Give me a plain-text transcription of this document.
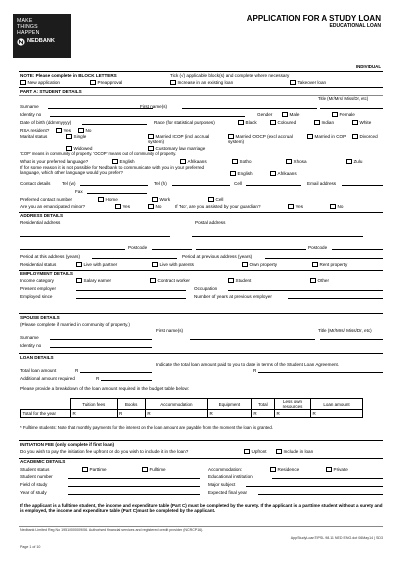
MAKE
THINGS
HAPPEN
NEDBANK
APPLICATION FOR A STUDY LOAN
EDUCATIONAL LOAN
INDIVIDUAL
NOTE: Please complete in BLOCK LETTERS	Tick (√) applicable block(s) and complete where necessary
New application	Preapproval	Increase in an existing loan	Takeover loan
PART A: STUDENT DETAILS
Title (Mr/Mrs/ Miss/Dr, etc)
Surname	First name(s)
Identity no	Gender	Male	Female
Date of birth (ddmmyyyy)	Race (for statistical purposes)	Black	Coloured	Indian	White
RSA resident?	Yes	No
Marital status	Single	Married ICOP (incl accrual system)
Married OOCP (excl accrual system)
Married in COP	Divorced
Widowed	Customary law marriage
'COP' means in community of property. 'OCOP' means out of community of property.
What is your preferred language?	English	Afrikaans	Sotho	Xhosa	Zulu
If for some reason it is not possible for Nedbank to communicate with you in your preferred language, which other language would you prefer?	English	Afrikaans
Contact details	Tel (w)	Tel (h)	Cell	Email address
Fax
Preferred contact number	Home	Work	Cell
Are you an emancipated minor?	Yes	No	If 'No', are you assisted by your guardian?	Yes	No
ADDRESS DETAILS
Residential address	Postal address
Postcode	Postcode
Period at this address (years)	Period at previous address (years)
Residential status	Live with partner	Live with parents	Own property	Rent property
EMPLOYMENT DETAILS
Income category	Salary earner	Contract worker	Student	Other
Present employer	Occupation
Employed since	Number of years at previous employer
SPOUSE DETAILS
(Please complete if married in community of property.)
First name(s)	Title (Mr/Mrs/ Miss/Dr, etc)
Surname
Identity no
LOAN DETAILS
Indicate the total loan amount paid to you to date in terms of the Student Loan Agreement.
Total loan amount	R	R
Additional amount required	R
Please provide a breakdown of the loan amount required in the budget table below:
	Tuition fees	Books	Accommodation	Equipment	Total	Less own resources	Loan amount
Total for the year	R	R	R	R	R	R	R
* Fulltime students: Note that monthly payments for the interest on the loan amount are payable from the moment the loan is granted.
INITIATION FEE (only complete if first loan)
Do you wish to pay the initiation fee upfront or do you wish to include it in the loan?	Upfront	Include in loan
ACADEMIC DETAILS
Student status	Parttime	Fulltime	Accommodation:	Residence	Private
Student number	Educational institution
Field of study	Major subject
Year of study	Expected final year
If the applicant is a fulltime student, the income and expenditure table (Part C) must be completed by the surety. If the applicant is a parttime student without a surety and is employed, the income and expenditure table (Part C)must be completed by the applicant.
Nedbank Limited Reg No 1951/000009/06. Authorised financial services and registered credit provider (NCRCP16).
AppStudyLoanTIPSL 98.11 NED ENG.dot 06May14 | SD3
Page 1 of 10
